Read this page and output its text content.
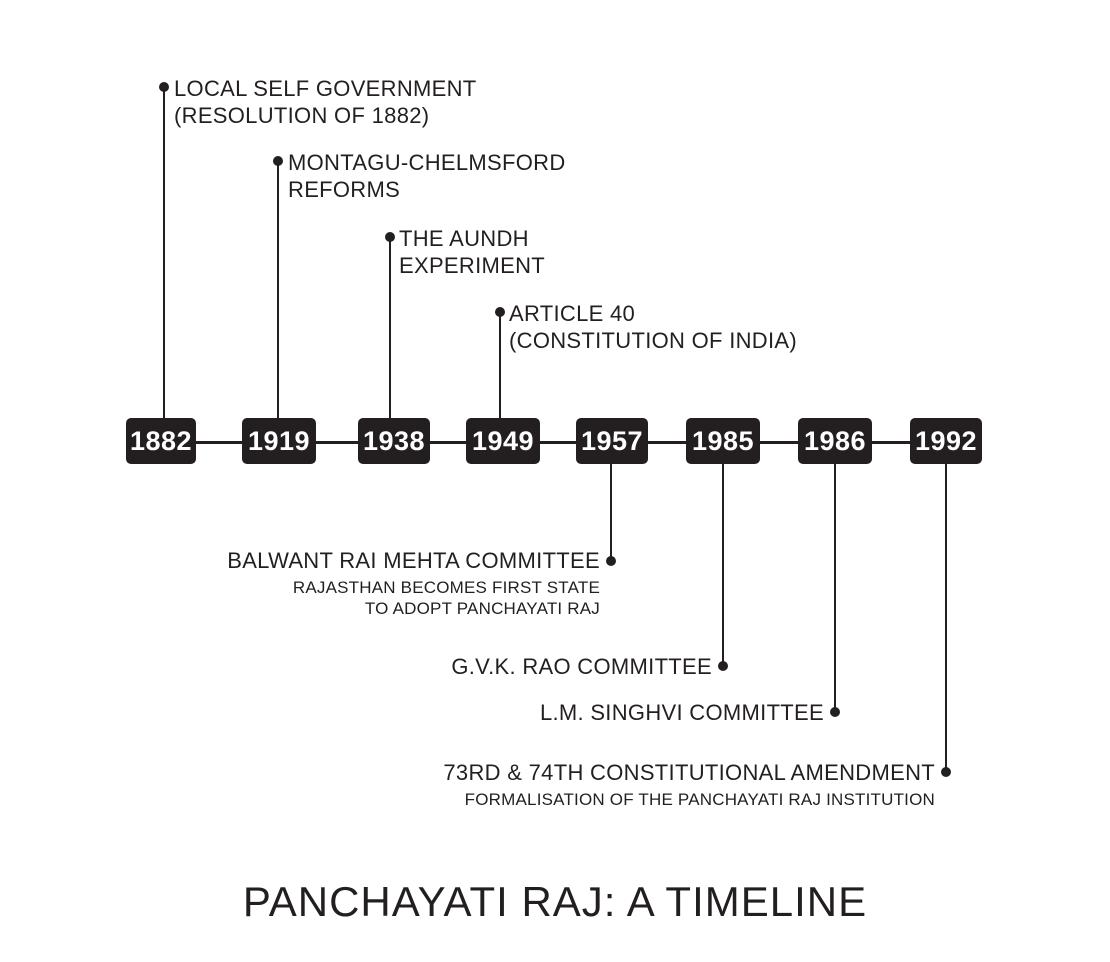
1882 1919 1938 1949 1957 1985 1986 1992
LOCAL SELF GOVERNMENT
(RESOLUTION OF 1882)
MONTAGU-CHELMSFORD
REFORMS
THE AUNDH
EXPERIMENT
ARTICLE 40
(CONSTITUTION OF INDIA)
BALWANT RAI MEHTA COMMITTEE
RAJASTHAN BECOMES FIRST STATE
TO ADOPT PANCHAYATI RAJ
G.V.K. RAO COMMITTEE
L.M. SINGHVI COMMITTEE
73RD & 74TH CONSTITUTIONAL AMENDMENT
FORMALISATION OF THE PANCHAYATI RAJ INSTITUTION
PANCHAYATI RAJ: A TIMELINE
